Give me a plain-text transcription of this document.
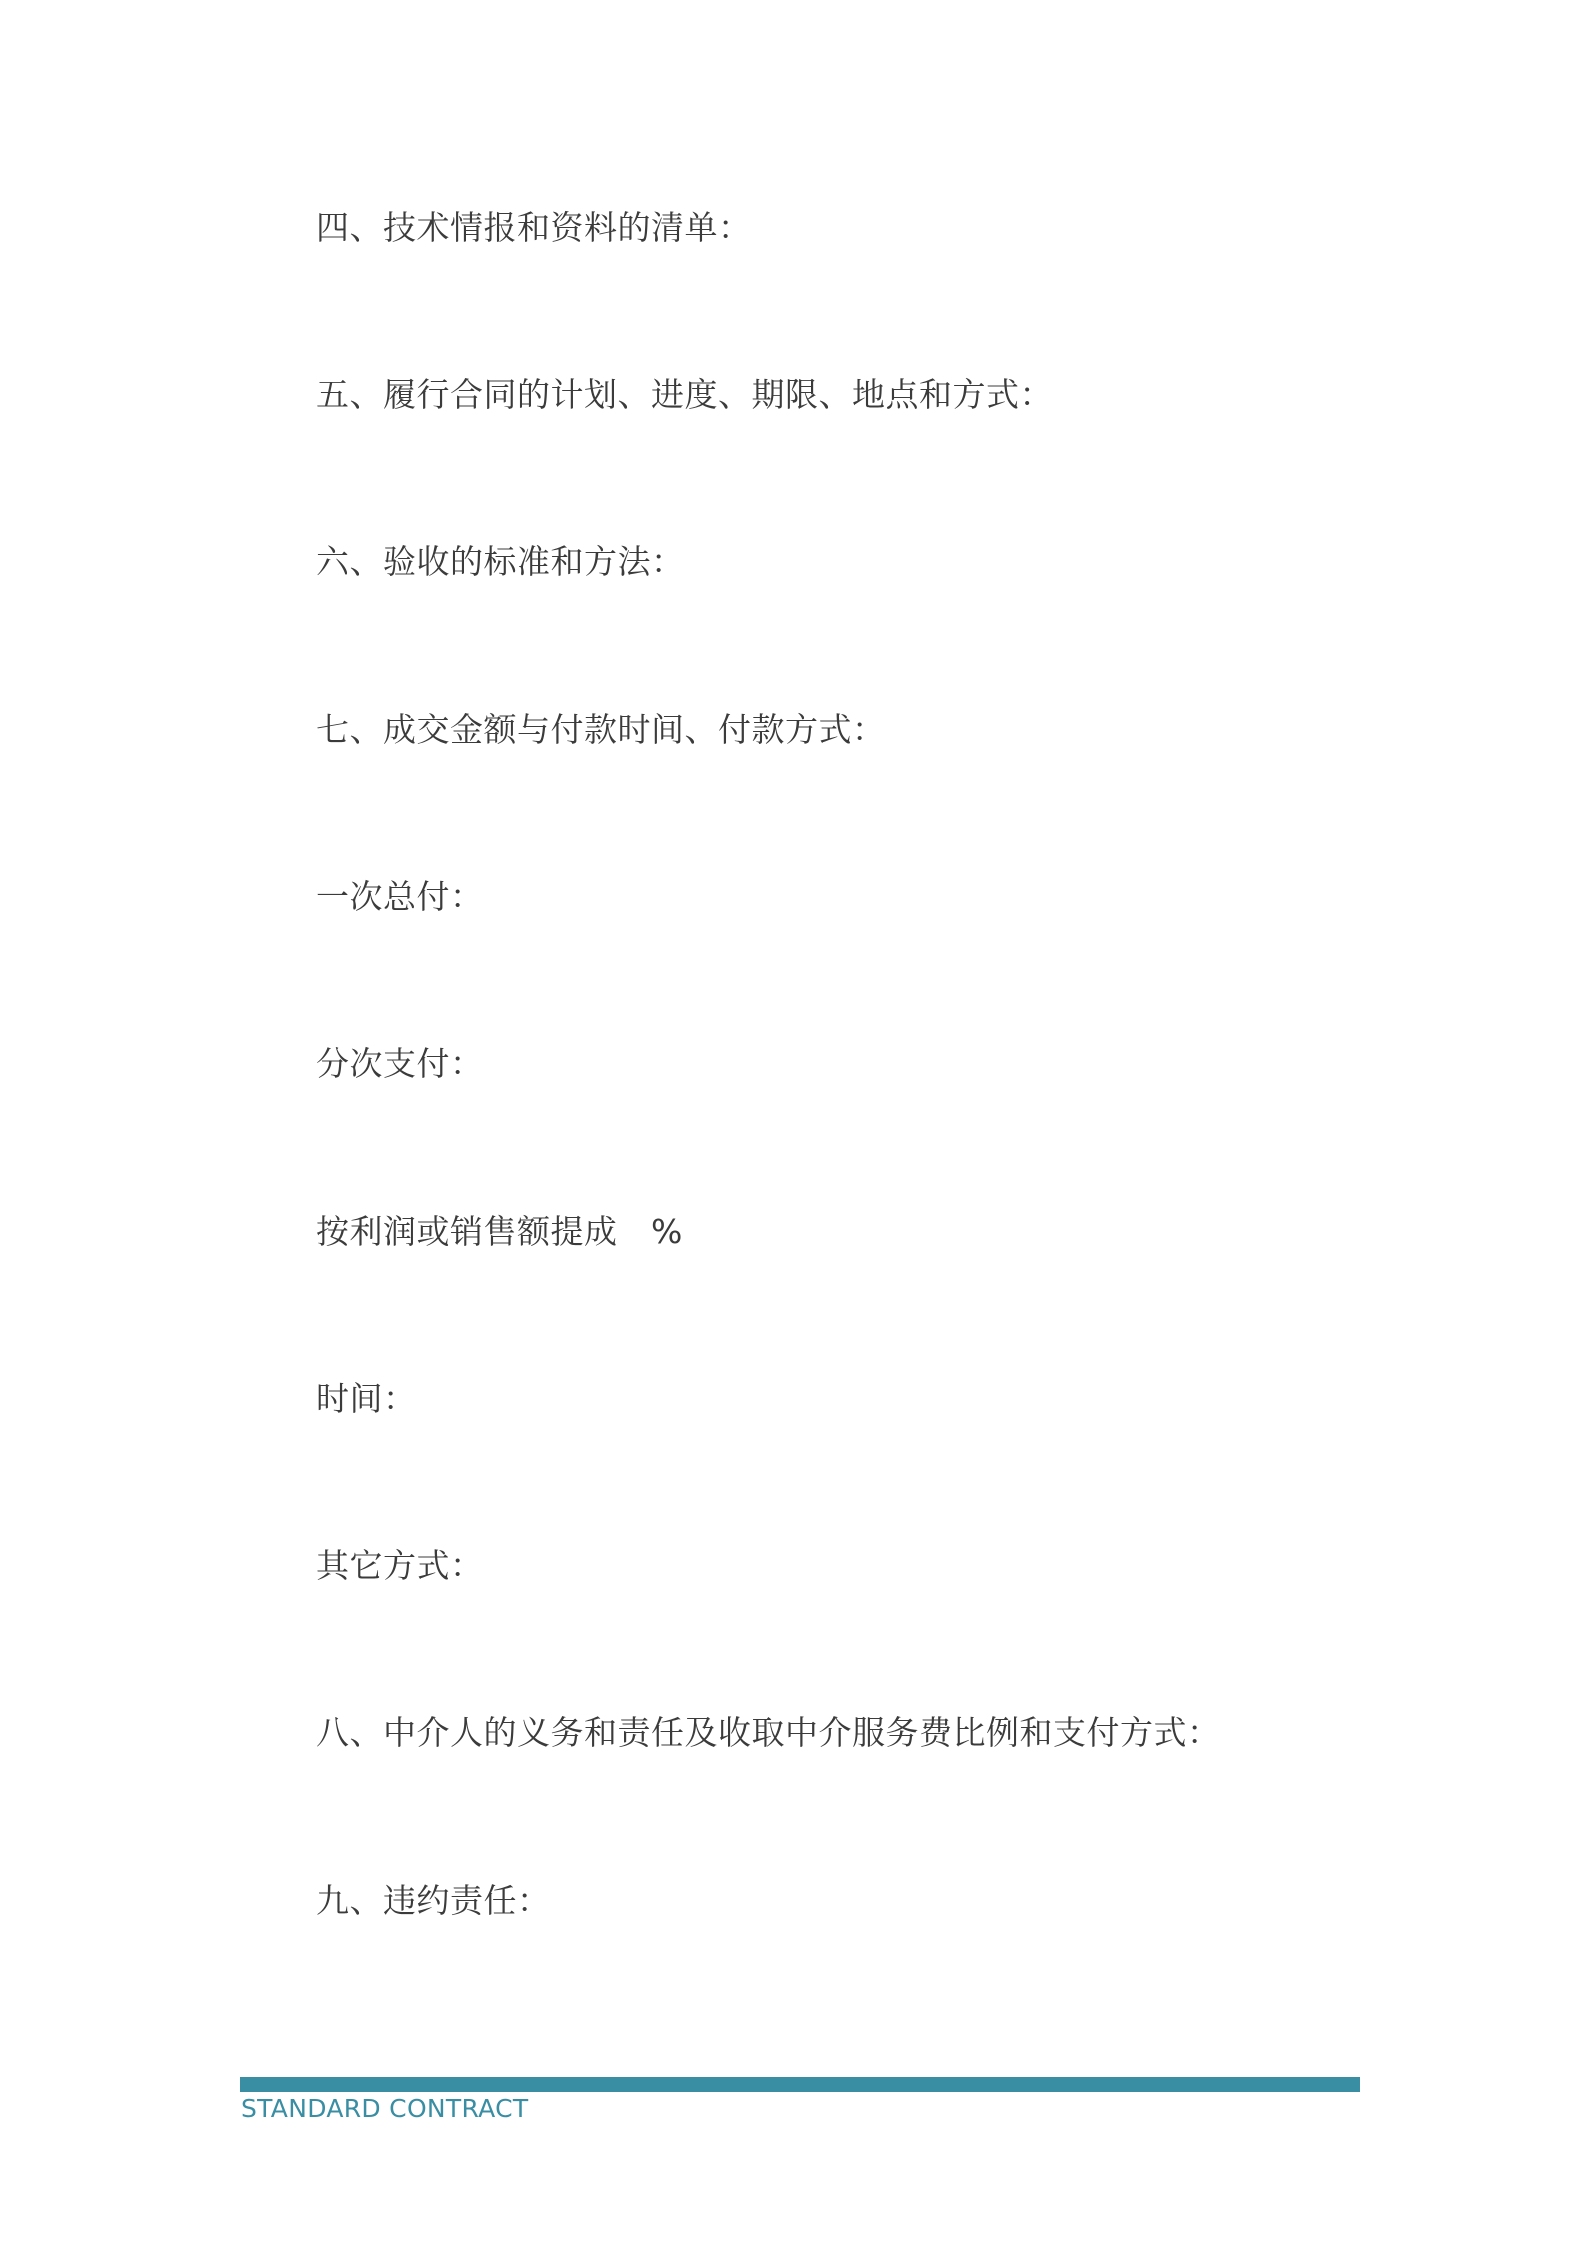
四、技术情报和资料的清单：
五、履行合同的计划、进度、期限、地点和方式：
六、验收的标准和方法：
七、成交金额与付款时间、付款方式：
一次总付：
分次支付：
按利润或销售额提成　%
时间：
其它方式：
八、中介人的义务和责任及收取中介服务费比例和支付方式：
九、违约责任：
STANDARD CONTRACT
